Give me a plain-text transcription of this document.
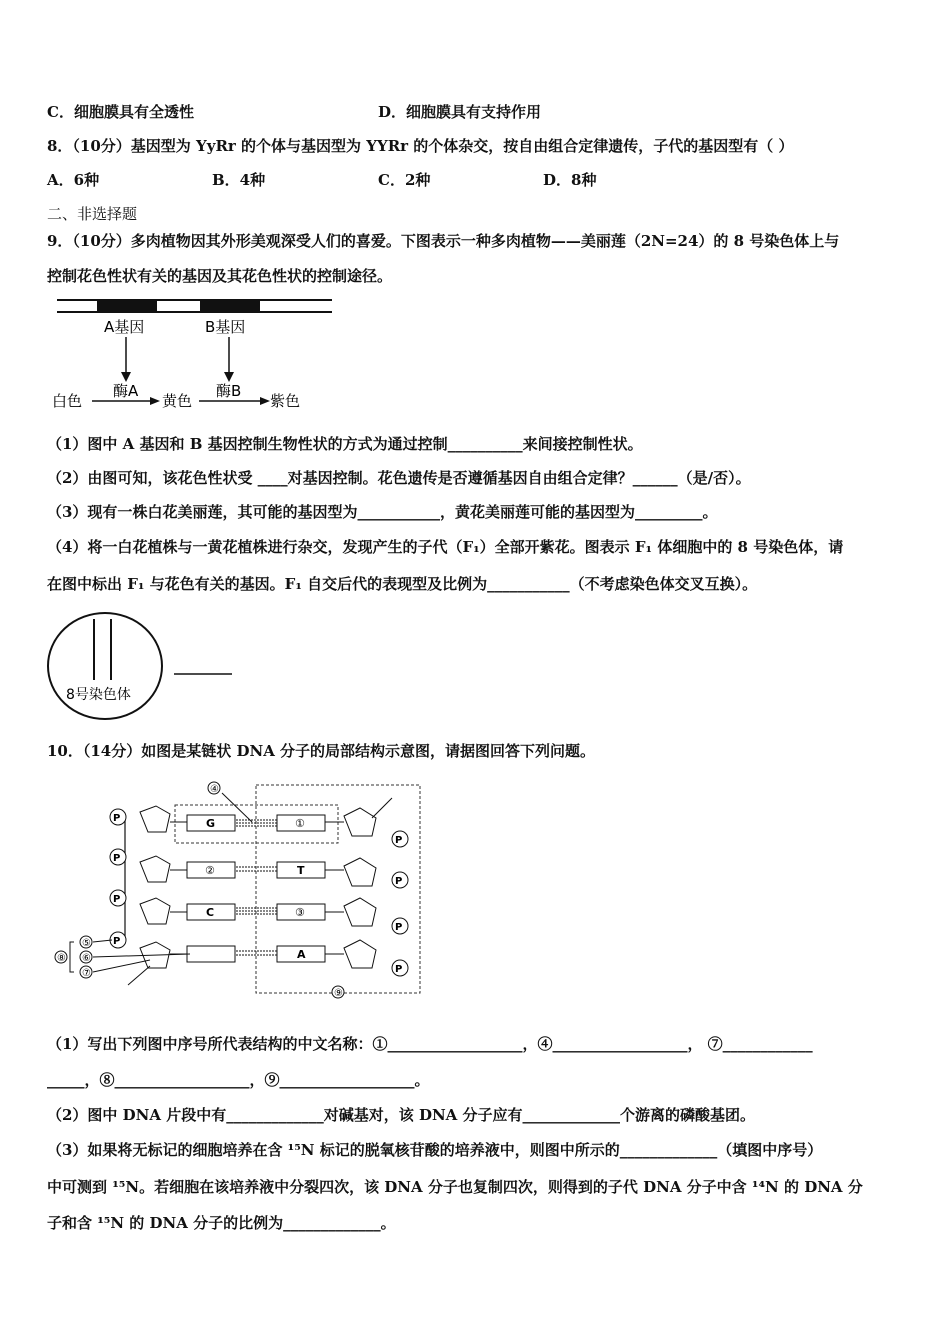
C．细胞膜具有全透性	D．细胞膜具有支持作用
8．（10分）基因型为 YyRr 的个体与基因型为 YYRr 的个体杂交，按自由组合定律遗传，子代的基因型有（ ）
A．6种	B．4种	C．2种	D．8种
二、非选择题
9．（10分）多肉植物因其外形美观深受人们的喜爱。下图表示一种多肉植物——美丽莲（2N=24）的 8 号染色体上与
控制花色性状有关的基因及其花色性状的控制途径。
A基因	B基因
酶A	酶B
白色	黄色	紫色
8号染色体
（1）图中 A 基因和 B 基因控制生物性状的方式为通过控制__________来间接控制性状。
（2）由图可知，该花色性状受 ____对基因控制。花色遗传是否遵循基因自由组合定律？______（是/否）。
（3）现有一株白花美丽莲，其可能的基因型为___________，黄花美丽莲可能的基因型为_________。
（4）将一白花植株与一黄花植株进行杂交，发现产生的子代（F₁）全部开紫花。图表示 F₁ 体细胞中的 8 号染色体，请
在图中标出 F₁ 与花色有关的基因。F₁ 自交后代的表现型及比例为___________（不考虑染色体交叉互换）。
10．（14分）如图是某链状 DNA 分子的局部结构示意图，请据图回答下列问题。
④
P	G	①
P
P
②	T
P
P
C	③
P
P
A
P
⑤
⑥
⑦
⑧
⑨
（1）写出下列图中序号所代表结构的中文名称：①__________________，④__________________， ⑦____________
_____，⑧__________________，⑨__________________。
（2）图中 DNA 片段中有_____________对碱基对，该 DNA 分子应有_____________个游离的磷酸基团。
（3）如果将无标记的细胞培养在含 ¹⁵N 标记的脱氧核苷酸的培养液中，则图中所示的_____________（填图中序号）
中可测到 ¹⁵N。若细胞在该培养液中分裂四次，该 DNA 分子也复制四次，则得到的子代 DNA 分子中含 ¹⁴N 的 DNA 分
子和含 ¹⁵N 的 DNA 分子的比例为_____________。
